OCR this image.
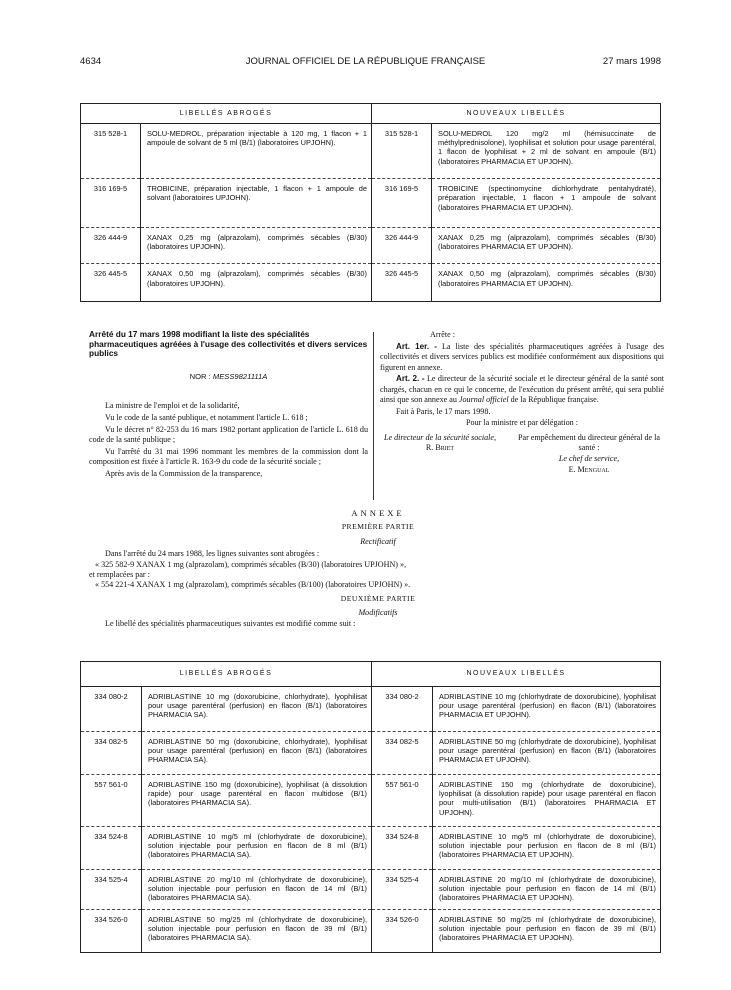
4634	JOURNAL OFFICIEL DE LA RÉPUBLIQUE FRANÇAISE	27 mars 1998
LIBELLÉS ABROGÉS		NOUVEAUX LIBELLÉS	
315 528-1	SOLU-MEDROL, préparation injectable à 120 mg, 1 flacon + 1 ampoule de solvant de 5 ml (B/1) (laboratoires UPJOHN).	315 528-1	SOLU-MEDROL 120 mg/2 ml (hémisuccinate de méthylprednisolone), lyophilisat et solution pour usage parentéral, 1 flacon de lyophilisat + 2 ml de solvant en ampoule (B/1) (laboratoires PHARMACIA ET UPJOHN).
316 169-5	TROBICINE, préparation injectable, 1 flacon + 1 ampoule de solvant (laboratoires UPJOHN).	316 169-5	TROBICINE (spectinomycine dichlorhydrate pentahydraté), préparation injectable, 1 flacon + 1 ampoule de solvant (laboratoires PHARMACIA ET UPJOHN).
326 444-9	XANAX 0,25 mg (alprazolam), comprimés sécables (B/30) (laboratoires UPJOHN).	326 444-9	XANAX 0,25 mg (alprazolam), comprimés sécables (B/30) (laboratoires PHARMACIA ET UPJOHN).
326 445-5	XANAX 0,50 mg (alprazolam), comprimés sécables (B/30) (laboratoires UPJOHN).	326 445-5	XANAX 0,50 mg (alprazolam), comprimés sécables (B/30) (laboratoires PHARMACIA ET UPJOHN).
Arrêté du 17 mars 1998 modifiant la liste des spécialités pharmaceutiques agréées à l'usage des collectivités et divers services publics
NOR : MESS9821111A
La ministre de l'emploi et de la solidarité,
Vu le code de la santé publique, et notamment l'article L. 618 ;
Vu le décret n° 82-253 du 16 mars 1982 portant application de l'article L. 618 du code de la santé publique ;
Vu l'arrêté du 31 mai 1996 nommant les membres de la commission dont la composition est fixée à l'article R. 163-9 du code de la sécurité sociale ;
Après avis de la Commission de la transparence,
Arrête :
Art. 1er. - La liste des spécialités pharmaceutiques agréées à l'usage des collectivités et divers services publics est modifiée conformément aux dispositions qui figurent en annexe.
Art. 2. - Le directeur de la sécurité sociale et le directeur général de la santé sont chargés, chacun en ce qui le concerne, de l'exécution du présent arrêté, qui sera publié ainsi que son annexe au Journal officiel de la République française.
Fait à Paris, le 17 mars 1998.
Pour la ministre et par délégation :
Le directeur de la sécurité sociale,
R. Briet
Par empêchement du directeur général de la santé :
Le chef de service,
E. Mengual
ANNEXE
PREMIÈRE PARTIE
Rectificatif
Dans l'arrêté du 24 mars 1988, les lignes suivantes sont abrogées :
« 325 582-9 XANAX 1 mg (alprazolam), comprimés sécables (B/30) (laboratoires UPJOHN) »,
et remplacées par :
« 554 221-4 XANAX 1 mg (alprazolam), comprimés sécables (B/100) (laboratoires UPJOHN) ».
DEUXIÈME PARTIE
Modificatifs
Le libellé des spécialités pharmaceutiques suivantes est modifié comme suit :
LIBELLÉS ABROGÉS		NOUVEAUX LIBELLÉS	
334 080-2	ADRIBLASTINE 10 mg (doxorubicine, chlorhydrate), lyophilisat pour usage parentéral (perfusion) en flacon (B/1) (laboratoires PHARMACIA SA).	334 080-2	ADRIBLASTINE 10 mg (chlorhydrate de doxorubicine), lyophilisat pour usage parentéral (perfusion) en flacon (B/1) (laboratoires PHARMACIA ET UPJOHN).
334 082-5	ADRIBLASTINE 50 mg (doxorubicine, chlorhydrate), lyophilisat pour usage parentéral (perfusion) en flacon (B/1) (laboratoires PHARMACIA SA).	334 082-5	ADRIBLASTINE 50 mg (chlorhydrate de doxorubicine), lyophilisat pour usage parentéral (perfusion) en flacon (B/1) (laboratoires PHARMACIA ET UPJOHN).
557 561-0	ADRIBLASTINE 150 mg (doxorubicine), lyophilisat (à dissolution rapide) pour usage parentéral en flacon multidose (B/1) (laboratoires PHARMACIA SA).	557 561-0	ADRIBLASTINE 150 mg (chlorhydrate de doxorubicine), lyophilisat (à dissolution rapide) pour usage parentéral en flacon pour multi-utilisation (B/1) (laboratoires PHARMACIA ET UPJOHN).
334 524-8	ADRIBLASTINE 10 mg/5 ml (chlorhydrate de doxorubicine), solution injectable pour perfusion en flacon de 8 ml (B/1) (laboratoires PHARMACIA SA).	334 524-8	ADRIBLASTINE 10 mg/5 ml (chlorhydrate de doxorubicine), solution injectable pour perfusion en flacon de 8 ml (B/1) (laboratoires PHARMACIA ET UPJOHN).
334 525-4	ADRIBLASTINE 20 mg/10 ml (chlorhydrate de doxorubicine), solution injectable pour perfusion en flacon de 14 ml (B/1) (laboratoires PHARMACIA SA).	334 525-4	ADRIBLASTINE 20 mg/10 ml (chlorhydrate de doxorubicine), solution injectable pour perfusion en flacon de 14 ml (B/1) (laboratoires PHARMACIA ET UPJOHN).
334 526-0	ADRIBLASTINE 50 mg/25 ml (chlorhydrate de doxorubicine), solution injectable pour perfusion en flacon de 39 ml (B/1) (laboratoires PHARMACIA SA).	334 526-0	ADRIBLASTINE 50 mg/25 ml (chlorhydrate de doxorubicine), solution injectable pour perfusion en flacon de 39 ml (B/1) (laboratoires PHARMACIA ET UPJOHN).
